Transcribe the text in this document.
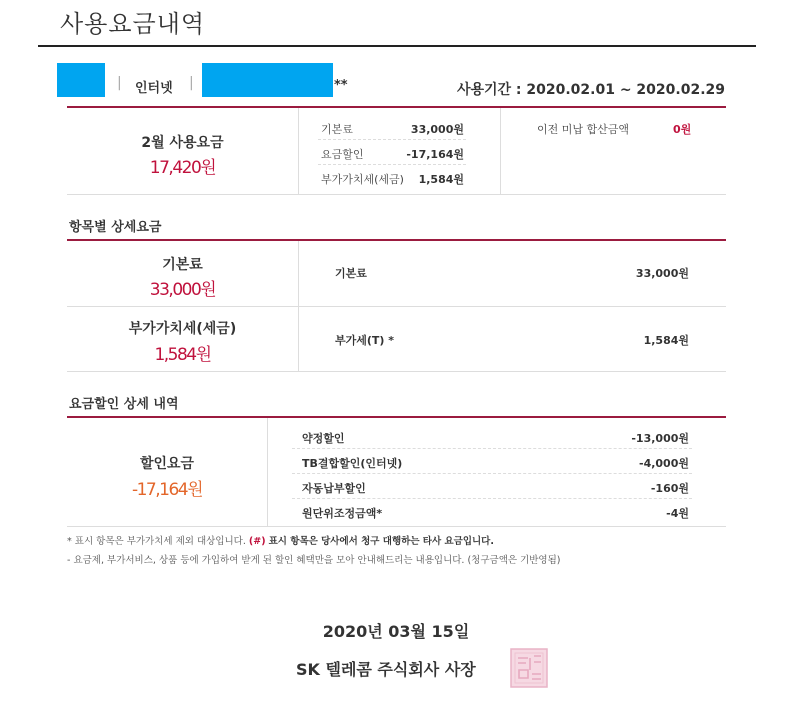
사용요금내역
| 인터넷 |	**	사용기간 : 2020.02.01 ~ 2020.02.29
2월 사용요금
17,420원
기본료	33,000원
요금할인	-17,164원
부가가치세(세금)	1,584원
이전 미납 합산금액	0원
항목별 상세요금
기본료
33,000원
기본료	33,000원
부가가치세(세금)
1,584원
부가세(T) *	1,584원
요금할인 상세 내역
할인요금
-17,164원
약정할인	-13,000원
TB결합할인(인터넷)	-4,000원
자동납부할인	-160원
원단위조정금액*	-4원
* 표시 항목은 부가가치세 제외 대상입니다. (#) 표시 항목은 당사에서 청구 대행하는 타사 요금입니다.
- 요금제, 부가서비스, 상품 등에 가입하여 받게 된 할인 혜택만을 모아 안내해드리는 내용입니다. (청구금액은 기반영됨)
2020년 03월 15일
SK 텔레콤 주식회사 사장
